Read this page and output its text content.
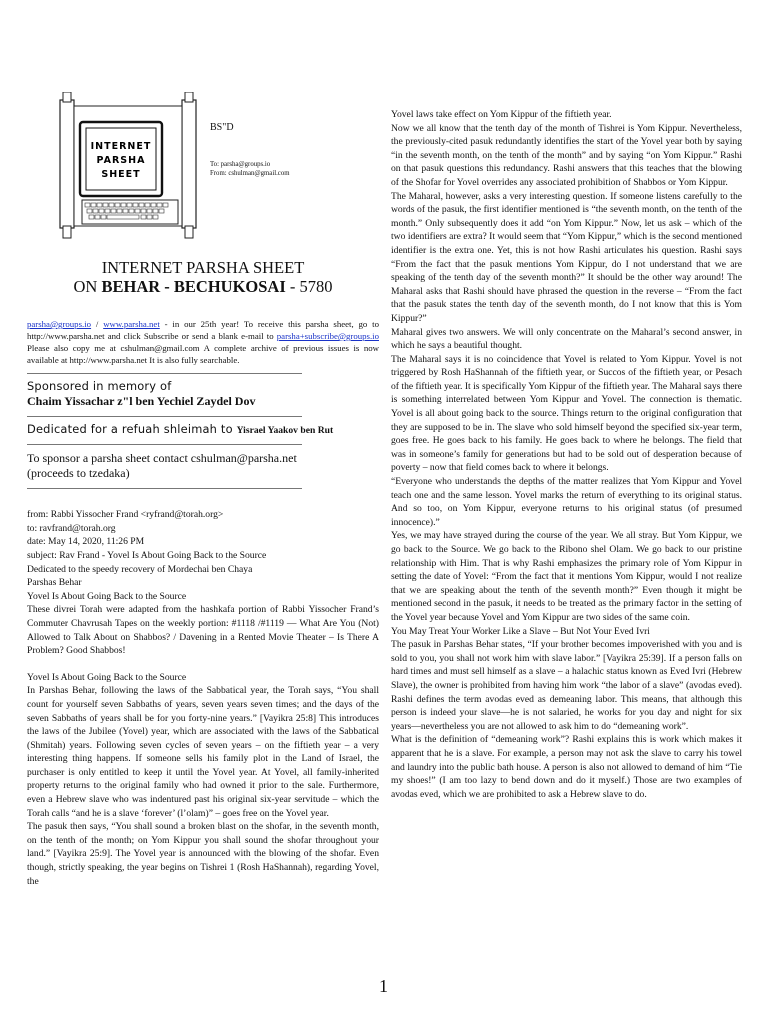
INTERNET
PARSHA
SHEET
BS"D
To: parsha@groups.io
From: cshulman@gmail.com
INTERNET PARSHA SHEET
ON BEHAR - BECHUKOSAI - 5780

parsha@groups.io / www.parsha.net - in our 25th year! To receive this parsha sheet, go to http://www.parsha.net and click Subscribe or send a blank e-mail to parsha+subscribe@groups.io Please also copy me at cshulman@gmail.com A complete archive of previous issues is now available at http://www.parsha.net It is also fully searchable.

Sponsored in memory of

Chaim Yissachar z"l ben Yechiel Zaydel Dov

Dedicated for a refuah shleimah to Yisrael Yaakov ben Rut

To sponsor a parsha sheet contact cshulman@parsha.net

(proceeds to tzedaka)

from: Rabbi Yissocher Frand <ryfrand@torah.org>

to: ravfrand@torah.org

date: May 14, 2020, 11:26 PM

subject: Rav Frand - Yovel Is About Going Back to the Source

Dedicated to the speedy recovery of Mordechai ben Chaya

Parshas Behar

Yovel Is About Going Back to the Source

These divrei Torah were adapted from the hashkafa portion of Rabbi Yissocher Frand’s Commuter Chavrusah Tapes on the weekly portion: #1118 /#1119 — What Are You (Not) Allowed to Talk About on Shabbos? / Davening in a Rented Movie Theater – Is There A Problem? Good Shabbos!

Yovel Is About Going Back to the Source

In Parshas Behar, following the laws of the Sabbatical year, the Torah says, “You shall count for yourself seven Sabbaths of years, seven years seven times; and the days of the seven Sabbaths of years shall be for you forty-nine years.” [Vayikra 25:8] This introduces the laws of the Jubilee (Yovel) year, which are associated with the laws of the Sabbatical (Shmitah) years. Following seven cycles of seven years – on the fiftieth year – a very interesting thing happens. If someone sells his family plot in the Land of Israel, the purchaser is only entitled to keep it until the Yovel year. At Yovel, all family-inherited property returns to the original family who had owned it prior to the sale. Furthermore, even a Hebrew slave who was indentured past his original six-year servitude – which the Torah calls “and he is a slave ‘forever’ (l’olam)” – goes free on the Yovel year.

The pasuk then says, “You shall sound a broken blast on the shofar, in the seventh month, on the tenth of the month; on Yom Kippur you shall sound the shofar throughout your land.” [Vayikra 25:9]. The Yovel year is announced with the blowing of the shofar. Even though, strictly speaking, the year begins on Tishrei 1 (Rosh HaShannah), regarding Yovel, the

Yovel laws take effect on Yom Kippur of the fiftieth year.

Now we all know that the tenth day of the month of Tishrei is Yom Kippur. Nevertheless, the previously-cited pasuk redundantly identifies the start of the Yovel year both by saying “in the seventh month, on the tenth of the month” and by saying “on Yom Kippur.” Rashi on that pasuk questions this redundancy. Rashi answers that this teaches that the blowing of the Shofar for Yovel overrides any associated prohibition of Shabbos or Yom Kippur.

The Maharal, however, asks a very interesting question. If someone listens carefully to the words of the pasuk, the first identifier mentioned is “the seventh month, on the tenth of the month.” Only subsequently does it add “on Yom Kippur.” Now, let us ask – which of the two identifiers are extra? It would seem that “Yom Kippur,” which is the second mentioned identifier is the extra one. Yet, this is not how Rashi articulates his question. Rashi says “From the fact that the pasuk mentions Yom Kippur, do I not understand that we are speaking of the tenth day of the seventh month?” It should be the other way around! The Maharal asks that Rashi should have phrased the question in the reverse – “From the fact that the pasuk states the tenth day of the seventh month, do I not know that this is Yom Kippur?”

Maharal gives two answers. We will only concentrate on the Maharal’s second answer, in which he says a beautiful thought.

The Maharal says it is no coincidence that Yovel is related to Yom Kippur. Yovel is not triggered by Rosh HaShannah of the fiftieth year, or Succos of the fiftieth year, or Pesach of the fiftieth year. It is specifically Yom Kippur of the fiftieth year. The Maharal says there is something interrelated between Yom Kippur and Yovel. The connection is thematic. Yovel is all about going back to the source. Things return to the original configuration that they are supposed to be in. The slave who sold himself beyond the specified six-year term, goes free. He goes back to his family. He goes back to where he belongs. The field that was in someone’s family for generations but had to be sold out of desperation because of poverty – now that field comes back to where it belongs.

“Everyone who understands the depths of the matter realizes that Yom Kippur and Yovel teach one and the same lesson. Yovel marks the return of everything to its original status. And so too, on Yom Kippur, everyone returns to his original status (of presumed innocence).”

Yes, we may have strayed during the course of the year. We all stray. But Yom Kippur, we go back to the Source. We go back to the Ribono shel Olam. We go back to our pristine relationship with Him. That is why Rashi emphasizes the primary role of Yom Kippur in setting the date of Yovel: “From the fact that it mentions Yom Kippur, would I not realize that we are speaking about the tenth of the seventh month?” Even though it might be mentioned second in the pasuk, it needs to be treated as the primary factor in the setting of the Yovel year because Yovel and Yom Kippur are two sides of the same coin.

You May Treat Your Worker Like a Slave – But Not Your Eved Ivri

The pasuk in Parshas Behar states, “If your brother becomes impoverished with you and is sold to you, you shall not work him with slave labor.” [Vayikra 25:39]. If a person falls on hard times and must sell himself as a slave – a halachic status known as Eved Ivri (Hebrew Slave), the owner is prohibited from having him work “the labor of a slave” (avodas eved). Rashi defines the term avodas eved as demeaning labor. This means, that although this person is indeed your slave—he is not salaried, he works for you day and night for six years—nevertheless you are not allowed to ask him to do “demeaning work”.

What is the definition of “demeaning work”? Rashi explains this is work which makes it apparent that he is a slave. For example, a person may not ask the slave to carry his towel and laundry into the public bath house. A person is also not allowed to demand of him “Tie my shoes!” (I am too lazy to bend down and do it myself.) Those are two examples of avodas eved, which we are prohibited to ask a Hebrew slave to do.

1
